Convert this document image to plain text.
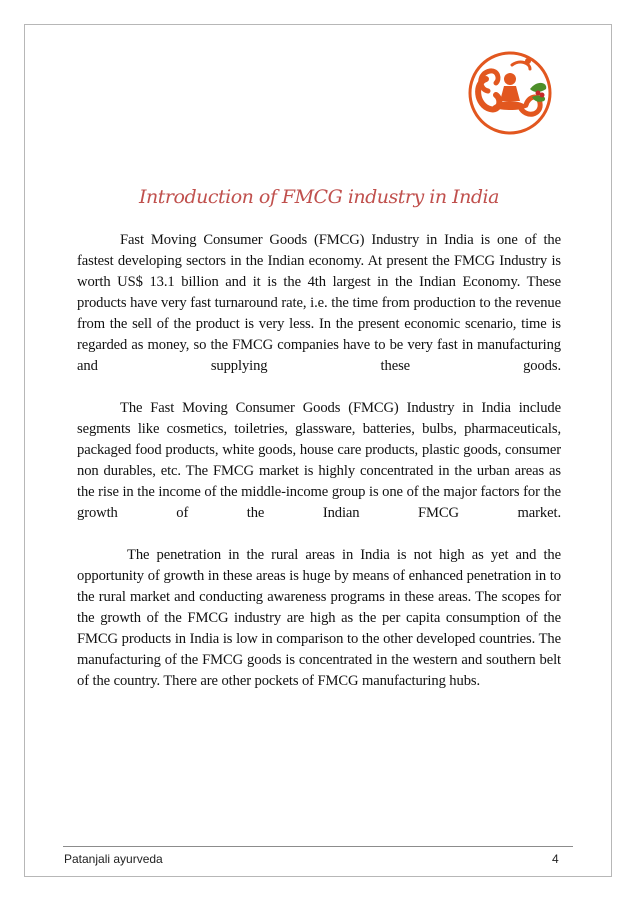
Introduction of FMCG industry in India

Fast Moving Consumer Goods (FMCG) Industry in India is one of the fastest developing sectors in the Indian economy. At present the FMCG Industry is worth US$ 13.1 billion and it is the 4th largest in the Indian Economy. These products have very fast turnaround rate, i.e. the time from production to the revenue from the sell of the product is very less. In the present economic scenario, time is regarded as money, so the FMCG companies have to be very fast in manufacturing and supplying these goods.

The Fast Moving Consumer Goods (FMCG) Industry in India include segments like cosmetics, toiletries, glassware, batteries, bulbs, pharmaceuticals, packaged food products, white goods, house care products, plastic goods, consumer non durables, etc. The FMCG market is highly concentrated in the urban areas as the rise in the income of the middle-income group is one of the major factors for the growth of the Indian FMCG market.

The penetration in the rural areas in India is not high as yet and the opportunity of growth in these areas is huge by means of enhanced penetration in to the rural market and conducting awareness programs in these areas. The scopes for the growth of the FMCG industry are high as the per capita consumption of the FMCG products in India is low in comparison to the other developed countries. The manufacturing of the FMCG goods is concentrated in the western and southern belt of the country. There are other pockets of FMCG manufacturing hubs.

Patanjali ayurveda	4
